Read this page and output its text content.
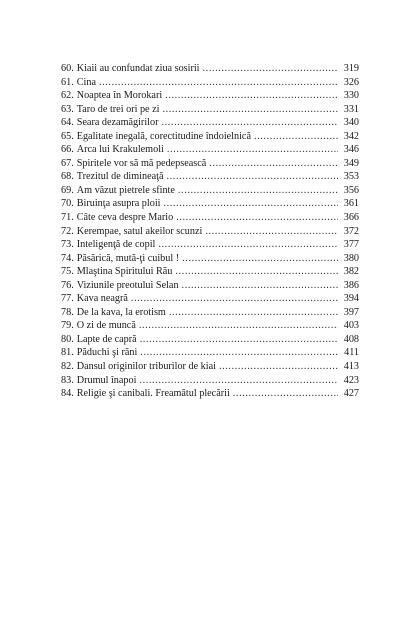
60. Kiaii au confundat ziua sosirii .....	319
61. Cina .....	326
62. Noaptea în Morokari .....	330
63. Taro de trei ori pe zi .....	331
64. Seara dezamăgirilor .....	340
65. Egalitate inegală, corectitudine îndoielnică .....	342
66. Arca lui Krakulemoli .....	346
67. Spiritele vor să mă pedepsească .....	349
68. Trezitul de dimineaţă .....	353
69. Am văzut pietrele sfinte .....	356
70. Biruinţa asupra ploii .....	361
71. Câte ceva despre Mario .....	366
72. Kerempae, satul akeilor scunzi .....	372
73. Inteligenţă de copil .....	377
74. Păsărică, mută-ţi cuibul ! .....	380
75. Mlaştina Spiritului Rău .....	382
76. Viziunile preotului Selan .....	386
77. Kava neagră .....	394
78. De la kava, la erotism .....	397
79. O zi de muncă .....	403
80. Lapte de capră .....	408
81. Păduchi şi răni .....	411
82. Dansul originilor triburilor de kiai .....	413
83. Drumul înapoi .....	423
84. Religie şi canibali. Freamătul plecării .....	427
